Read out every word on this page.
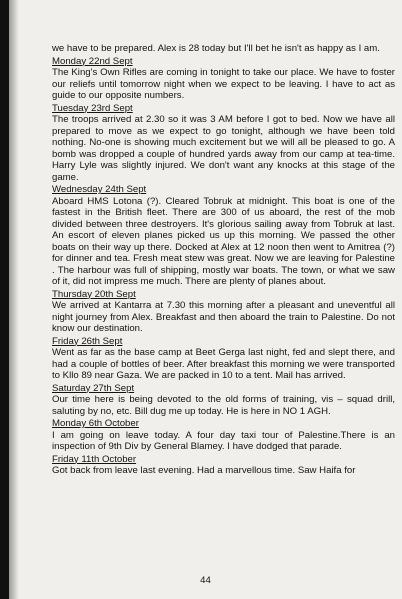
we have to be prepared. Alex is 28 today but I'll bet he isn't as happy as I am.

Monday 22nd Sept

The King's Own Rifles are coming in tonight to take our place. We have to foster our reliefs until tomorrow night when we expect to be leaving. I have to act as guide to our opposite numbers.

Tuesday 23rd Sept

The troops arrived at 2.30 so it was 3 AM before I got to bed. Now we have all prepared to move as we expect to go tonight, although we have been told nothing. No-one is showing much excitement but we will all be pleased to go. A bomb was dropped a couple of hundred yards away from our camp at tea-time. Harry Lyle was slightly injured. We don't want any knocks at this stage of the game.

Wednesday 24th Sept

Aboard HMS Lotona (?). Cleared Tobruk at midnight. This boat is one of the fastest in the British fleet. There are 300 of us aboard, the rest of the mob divided between three destroyers. It's glorious sailing away from Tobruk at last. An escort of eleven planes picked us up this morning. We passed the other boats on their way up there. Docked at Alex at 12 noon then went to Amitrea (?) for dinner and tea. Fresh meat stew was great. Now we are leaving for Palestine . The harbour was full of shipping, mostly war boats. The town, or what we saw of it, did not impress me much. There are plenty of planes about.

Thursday 20th Sept

We arrived at Kantarra at 7.30 this morning after a pleasant and uneventful all night journey from Alex. Breakfast and then aboard the train to Palestine. Do not know our destination.

Friday 26th Sept

Went as far as the base camp at Beet Gerga last night, fed and slept there, and had a couple of bottles of beer. After breakfast this morning we were transported to Kllo 89 near Gaza. We are packed in 10 to a tent. Mail has arrived.

Saturday 27th Sept

Our time here is being devoted to the old forms of training, vis – squad drill, saluting by no, etc. Bill dug me up today. He is here in NO 1 AGH.

Monday 6th October

I am going on leave today. A four day taxi tour of Palestine.There is an inspection of 9th Div by General Blamey. I have dodged that parade.

Friday 11th October

Got back from leave last evening. Had a marvellous time. Saw Haifa for

44
